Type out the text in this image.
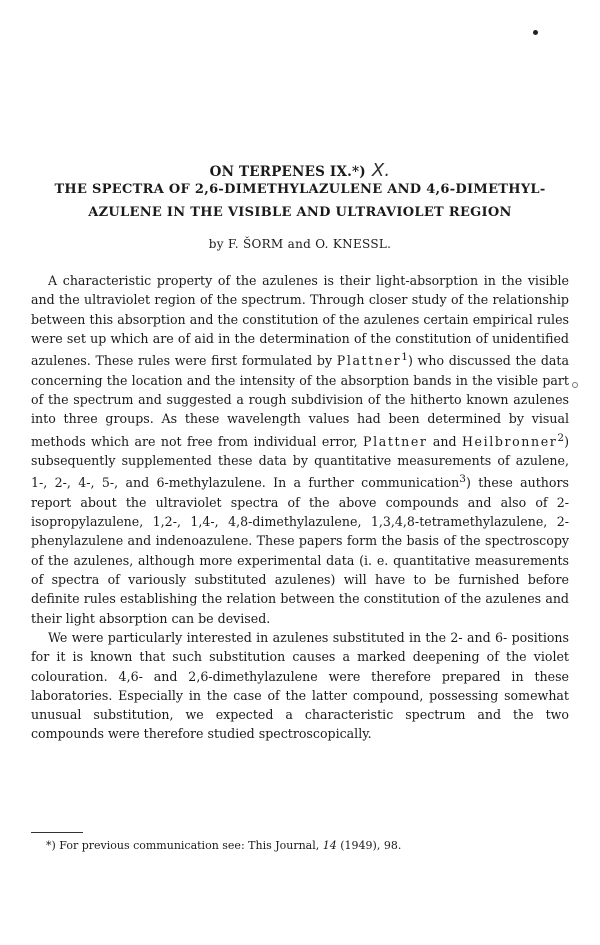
ON TERPENES IX.*) X.
THE SPECTRA OF 2,6-DIMETHYLAZULENE AND 4,6-DIMETHYL-
AZULENE IN THE VISIBLE AND ULTRAVIOLET REGION
by F. ŠORM and O. KNESSL.

A characteristic property of the azulenes is their light-absorption in the visible and the ultraviolet region of the spectrum. Through closer study of the relationship between this absorption and the constitution of the azulenes certain empirical rules were set up which are of aid in the determination of the constitution of unidentified azulenes. These rules were first formulated by Plattner$^1$) who discussed the data concerning the location and the intensity of the absorption bands in the visible part of the spectrum and suggested a rough subdivision of the hitherto known azulenes into three groups. As these wavelength values had been determined by visual methods which are not free from individual error, Plattner and Heilbronner$^2$) subsequently supplemented these data by quantitative measurements of azulene, 1-, 2-, 4-, 5-, and 6-methylazulene. In a further communication$^3$) these authors report about the ultraviolet spectra of the above compounds and also of 2-isopropylazulene, 1,2-, 1,4-, 4,8-dimethylazulene, 1,3,4,8-tetramethylazulene, 2-phenylazulene and indenoazulene. These papers form the basis of the spectroscopy of the azulenes, although more experimental data (i. e. quantitative measurements of spectra of variously substituted azulenes) will have to be furnished before definite rules establishing the relation between the constitution of the azulenes and their light absorption can be devised.

We were particularly interested in azulenes substituted in the 2- and 6- positions for it is known that such substitution causes a marked deepening of the violet colouration. 4,6- and 2,6-dimethylazulene were therefore prepared in these laboratories. Especially in the case of the latter compound, possessing somewhat unusual substitution, we expected a characteristic spectrum and the two compounds were therefore studied spectroscopically.

*) For previous communication see: This Journal, 14 (1949), 98.
